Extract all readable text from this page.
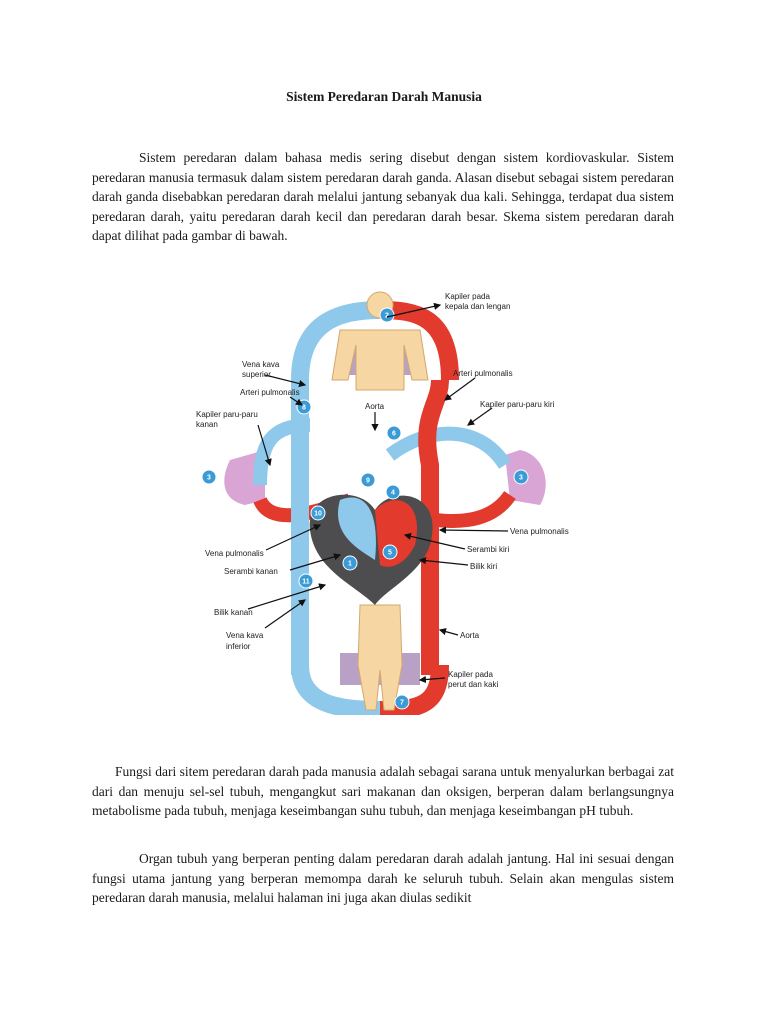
Sistem Peredaran Darah Manusia

Sistem peredaran dalam bahasa medis sering disebut dengan sistem kordiovaskular. Sistem peredaran manusia termasuk dalam sistem peredaran darah ganda. Alasan disebut sebagai sistem peredaran darah ganda disebabkan peredaran darah melalui jantung sebanyak dua kali. Sehingga, terdapat dua sistem peredaran darah, yaitu peredaran darah kecil dan peredaran darah besar. Skema sistem peredaran darah dapat dilihat pada gambar di bawah.

2
3	3
8
6
9
4
10
5
1
11
7
Kapiler pada
kepala dan lengan
Vena kava
superior
Arteri pulmonalis
Aorta
Arteri pulmonalis
Kapiler paru-paru
kanan
Kapiler paru-paru kiri
Vena pulmonalis
Serambi kiri
Bilik kiri
Vena pulmonalis
Serambi kanan
Bilik kanan
Vena kava
inferior
Aorta
Kapiler pada
perut dan kaki

Fungsi dari sitem peredaran darah pada manusia adalah sebagai sarana untuk menyalurkan berbagai zat dari dan menuju sel-sel tubuh, mengangkut sari makanan dan oksigen, berperan dalam berlangsungnya metabolisme pada tubuh, menjaga keseimbangan suhu tubuh, dan menjaga keseimbangan pH tubuh.

Organ tubuh yang berperan penting dalam peredaran darah adalah jantung. Hal ini sesuai dengan fungsi utama jantung yang berperan memompa darah ke seluruh tubuh. Selain akan mengulas sistem peredaran darah manusia, melalui halaman ini juga akan diulas sedikit
